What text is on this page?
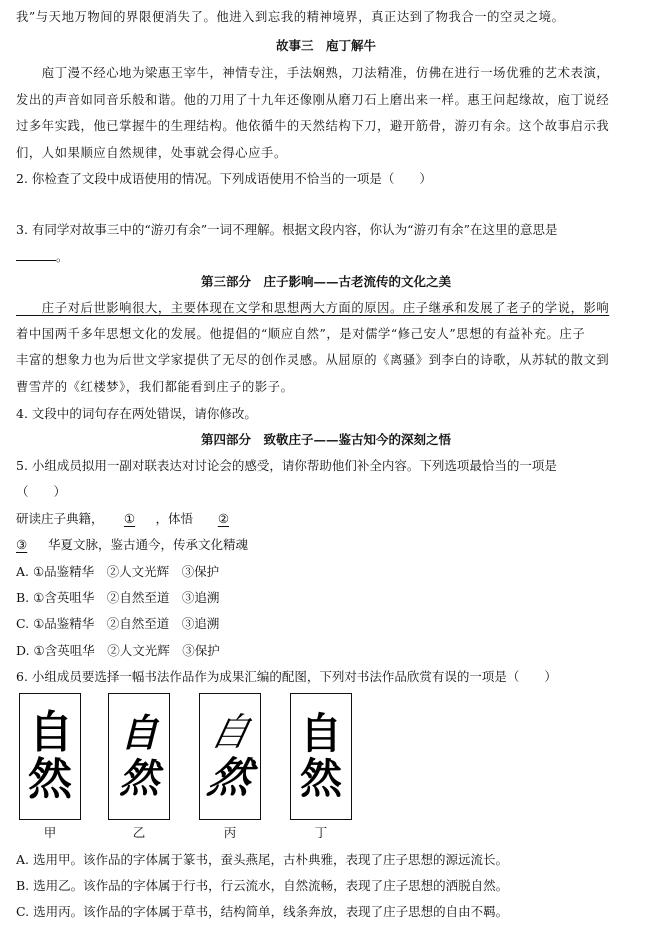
我”与天地万物间的界限便消失了。他进入到忘我的精神境界，真正达到了物我合一的空灵之境。
故事三　庖丁解牛
　　庖丁漫不经心地为梁惠王宰牛，神情专注，手法娴熟，刀法精准，仿佛在进行一场优雅的艺术表演，
发出的声音如同音乐般和谐。他的刀用了十九年还像刚从磨刀石上磨出来一样。惠王问起缘故，庖丁说经
过多年实践，他已掌握牛的生理结构。他依循牛的天然结构下刀，避开筋骨，游刃有余。这个故事启示我
们，人如果顺应自然规律，处事就会得心应手。
2. 你检查了文段中成语使用的情况。下列成语使用不恰当的一项是（　　）
3. 有同学对故事三中的“游刃有余”一词不理解。根据文段内容，你认为“游刃有余”在这里的意思是
。
第三部分　庄子影响——古老流传的文化之美
　　庄子对后世影响很大，主要体现在文学和思想两大方面的原因。庄子继承和发展了老子的学说，影响
着中国两千多年思想文化的发展。他提倡的“顺应自然”，是对儒学“修己安人”思想的有益补充。庄子
丰富的想象力也为后世文学家提供了无尽的创作灵感。从屈原的《离骚》到李白的诗歌，从苏轼的散文到
曹雪芹的《红楼梦》，我们都能看到庄子的影子。
4. 文段中的词句存在两处错误，请你修改。
第四部分　致敬庄子——鉴古知今的深刻之悟
5. 小组成员拟用一副对联表达对讨论会的感受，请你帮助他们补全内容。下列选项最恰当的一项是
（　　）
研读庄子典籍， ① ，体悟 ②
③ 华夏文脉，鉴古通今，传承文化精魂
A. ①品鉴精华　②人文光辉　③保护
B. ①含英咀华　②自然至道　③追溯
C. ①品鉴精华　②自然至道　③追溯
D. ①含英咀华　②人文光辉　③保护
6. 小组成员要选择一幅书法作品作为成果汇编的配图，下列对书法作品欣赏有误的一项是（　　）
自
然
甲
自
然
乙
自
然
丙
自
然
丁
A. 选用甲。该作品的字体属于篆书，蚕头燕尾，古朴典雅，表现了庄子思想的源远流长。
B. 选用乙。该作品的字体属于行书，行云流水，自然流畅，表现了庄子思想的洒脱自然。
C. 选用丙。该作品的字体属于草书，结构简单，线条奔放，表现了庄子思想的自由不羁。
